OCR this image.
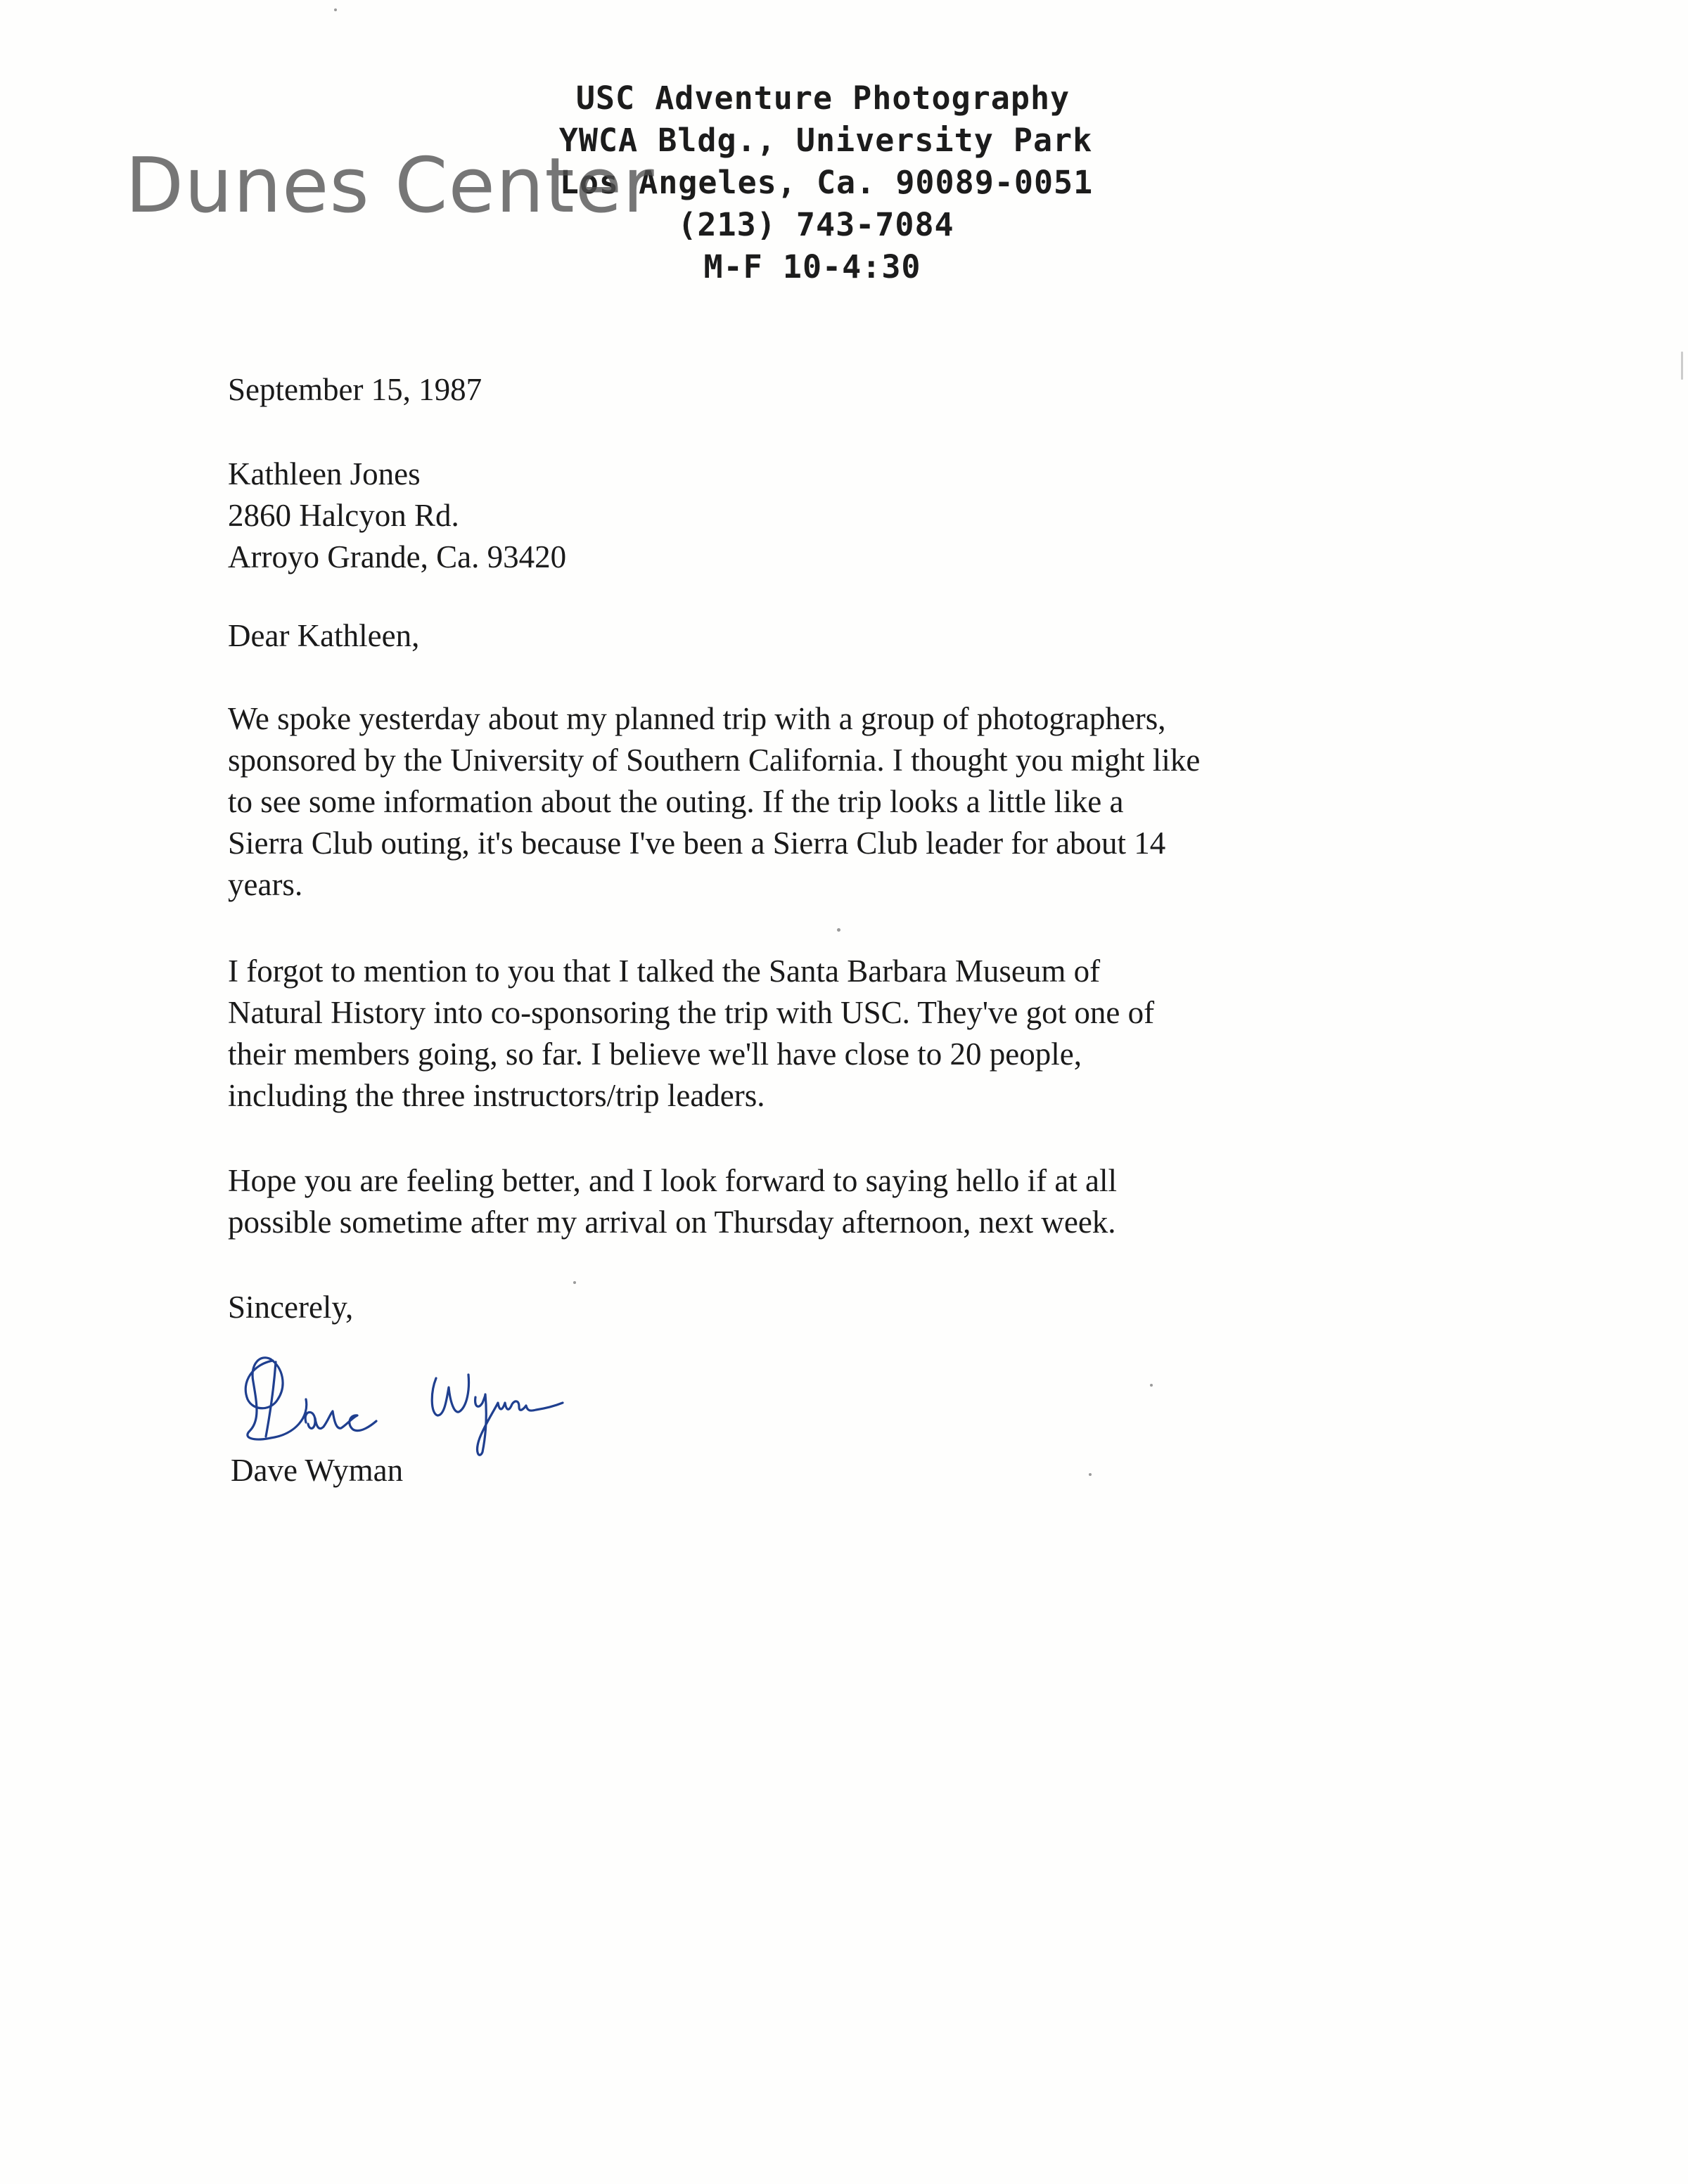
USC Adventure Photography
YWCA Bldg., University Park
Los Angeles, Ca. 90089-0051
(213) 743-7084
M-F 10-4:30
Dunes Center
September 15, 1987
Kathleen Jones
2860 Halcyon Rd.
Arroyo Grande, Ca. 93420
Dear Kathleen,
We spoke yesterday about my planned trip with a group of photographers,
sponsored by the University of Southern California. I thought you might like
to see some information about the outing. If the trip looks a little like a
Sierra Club outing, it's because I've been a Sierra Club leader for about 14
years.
I forgot to mention to you that I talked the Santa Barbara Museum of
Natural History into co-sponsoring the trip with USC. They've got one of
their members going, so far. I believe we'll have close to 20 people,
including the three instructors/trip leaders.
Hope you are feeling better, and I look forward to saying hello if at all
possible sometime after my arrival on Thursday afternoon, next week.
Sincerely,
Dave Wyman
